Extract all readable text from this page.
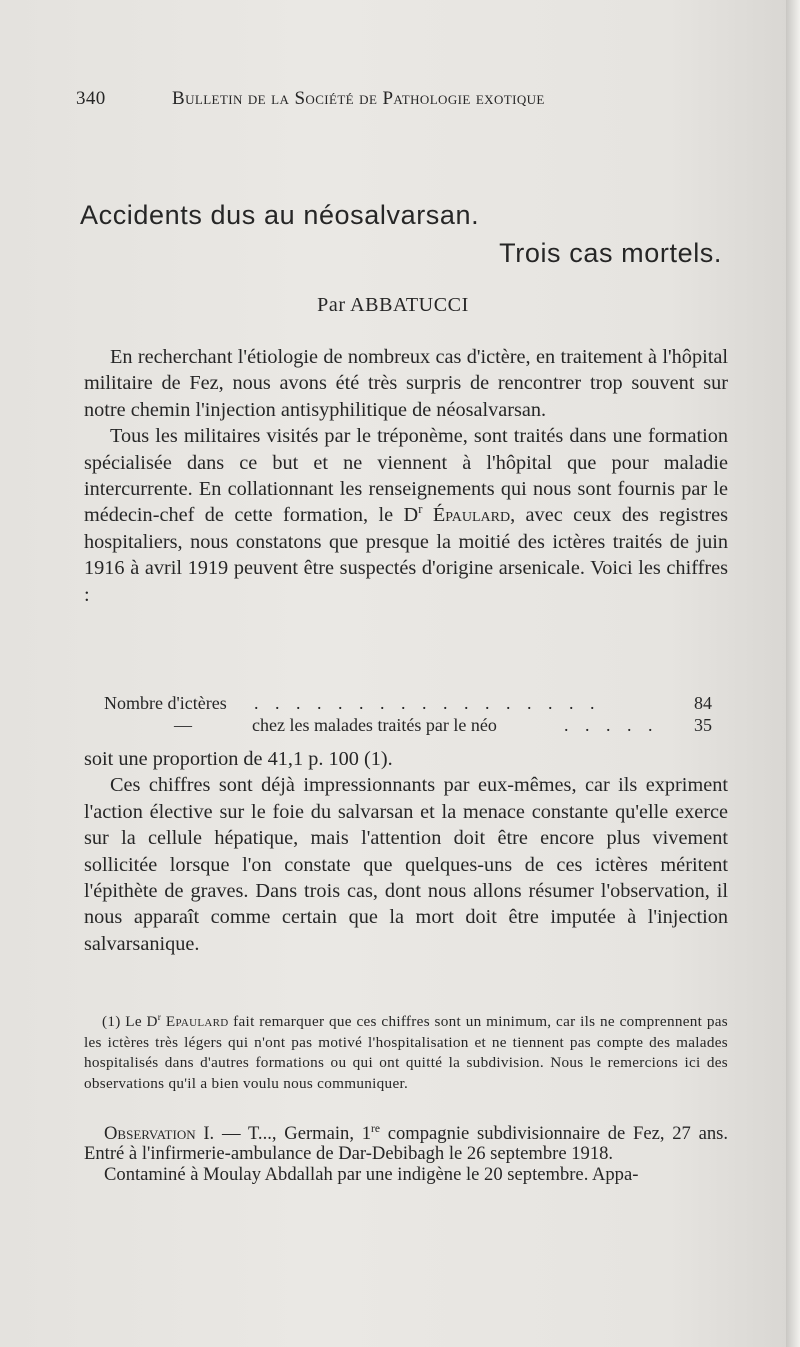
340	Bulletin de la Société de Pathologie exotique
Accidents dus au néosalvarsan.
Trois cas mortels.
Par ABBATUCCI

En recherchant l'étiologie de nombreux cas d'ictère, en traitement à l'hôpital militaire de Fez, nous avons été très surpris de rencontrer trop souvent sur notre chemin l'injection antisyphilitique de néosalvarsan.

Tous les militaires visités par le tréponème, sont traités dans une formation spécialisée dans ce but et ne viennent à l'hôpital que pour maladie intercurrente. En collationnant les renseignements qui nous sont fournis par le médecin-chef de cette formation, le $D^r$ Épaulard, avec ceux des registres hospitaliers, nous constatons que presque la moitié des ictères traités de juin 1916 à avril 1919 peuvent être suspectés d'origine arsenicale. Voici les chiffres :

Nombre d'ictères . . . . . . . . . . . . . . . . .	84
—	chez les malades traités par le néo	. . . . .	35

soit une proportion de 41,1 p. 100 (1).

Ces chiffres sont déjà impressionnants par eux-mêmes, car ils expriment l'action élective sur le foie du salvarsan et la menace constante qu'elle exerce sur la cellule hépatique, mais l'attention doit être encore plus vivement sollicitée lorsque l'on constate que quelques-uns de ces ictères méritent l'épithète de graves. Dans trois cas, dont nous allons résumer l'observation, il nous apparaît comme certain que la mort doit être imputée à l'injection salvarsanique.

(1) Le $D^r$ Epaulard fait remarquer que ces chiffres sont un minimum, car ils ne comprennent pas les ictères très légers qui n'ont pas motivé l'hospitalisation et ne tiennent pas compte des malades hospitalisés dans d'autres formations ou qui ont quitté la subdivision. Nous le remercions ici des observations qu'il a bien voulu nous communiquer.

Observation I. — T..., Germain, 1re compagnie subdivisionnaire de Fez, 27 ans. Entré à l'infirmerie-ambulance de Dar-Debibagh le 26 septembre 1918.

Contaminé à Moulay Abdallah par une indigène le 20 septembre. Appa-
